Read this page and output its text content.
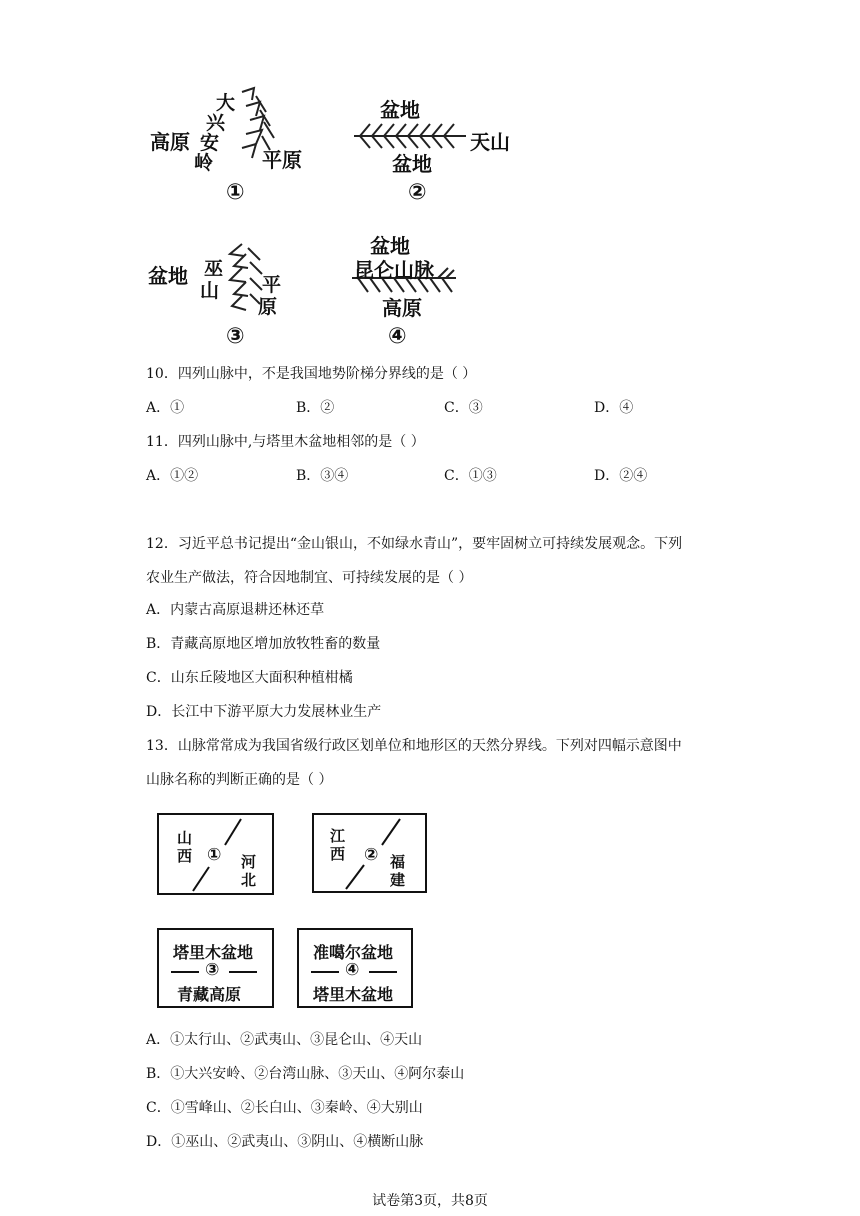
大
兴
安
岭
高原
平原
①
盆地
盆地
天山
②
盆地 巫
山 平
原
③
盆地
昆仑山脉
高原
④
10．四列山脉中，不是我国地势阶梯分界线的是（ ）
A．①	B．②	C．③	D．④
11．四列山脉中,与塔里木盆地相邻的是（ ）
A．①②	B．③④	C．①③	D．②④
12．习近平总书记提出“金山银山，不如绿水青山”，要牢固树立可持续发展观念。下列
农业生产做法，符合因地制宜、可持续发展的是（ ）
A．内蒙古高原退耕还林还草
B．青藏高原地区增加放牧牲畜的数量
C．山东丘陵地区大面积种植柑橘
D．长江中下游平原大力发展林业生产
13．山脉常常成为我国省级行政区划单位和地形区的天然分界线。下列对四幅示意图中
山脉名称的判断正确的是（ ）
山
西 ① 河
北
江
西 ② 福
建
塔里木盆地
③
青藏高原
准噶尔盆地
④
塔里木盆地
A．①太行山、②武夷山、③昆仑山、④天山
B．①大兴安岭、②台湾山脉、③天山、④阿尔泰山
C．①雪峰山、②长白山、③秦岭、④大别山
D．①巫山、②武夷山、③阴山、④横断山脉
试卷第3页，共8页
